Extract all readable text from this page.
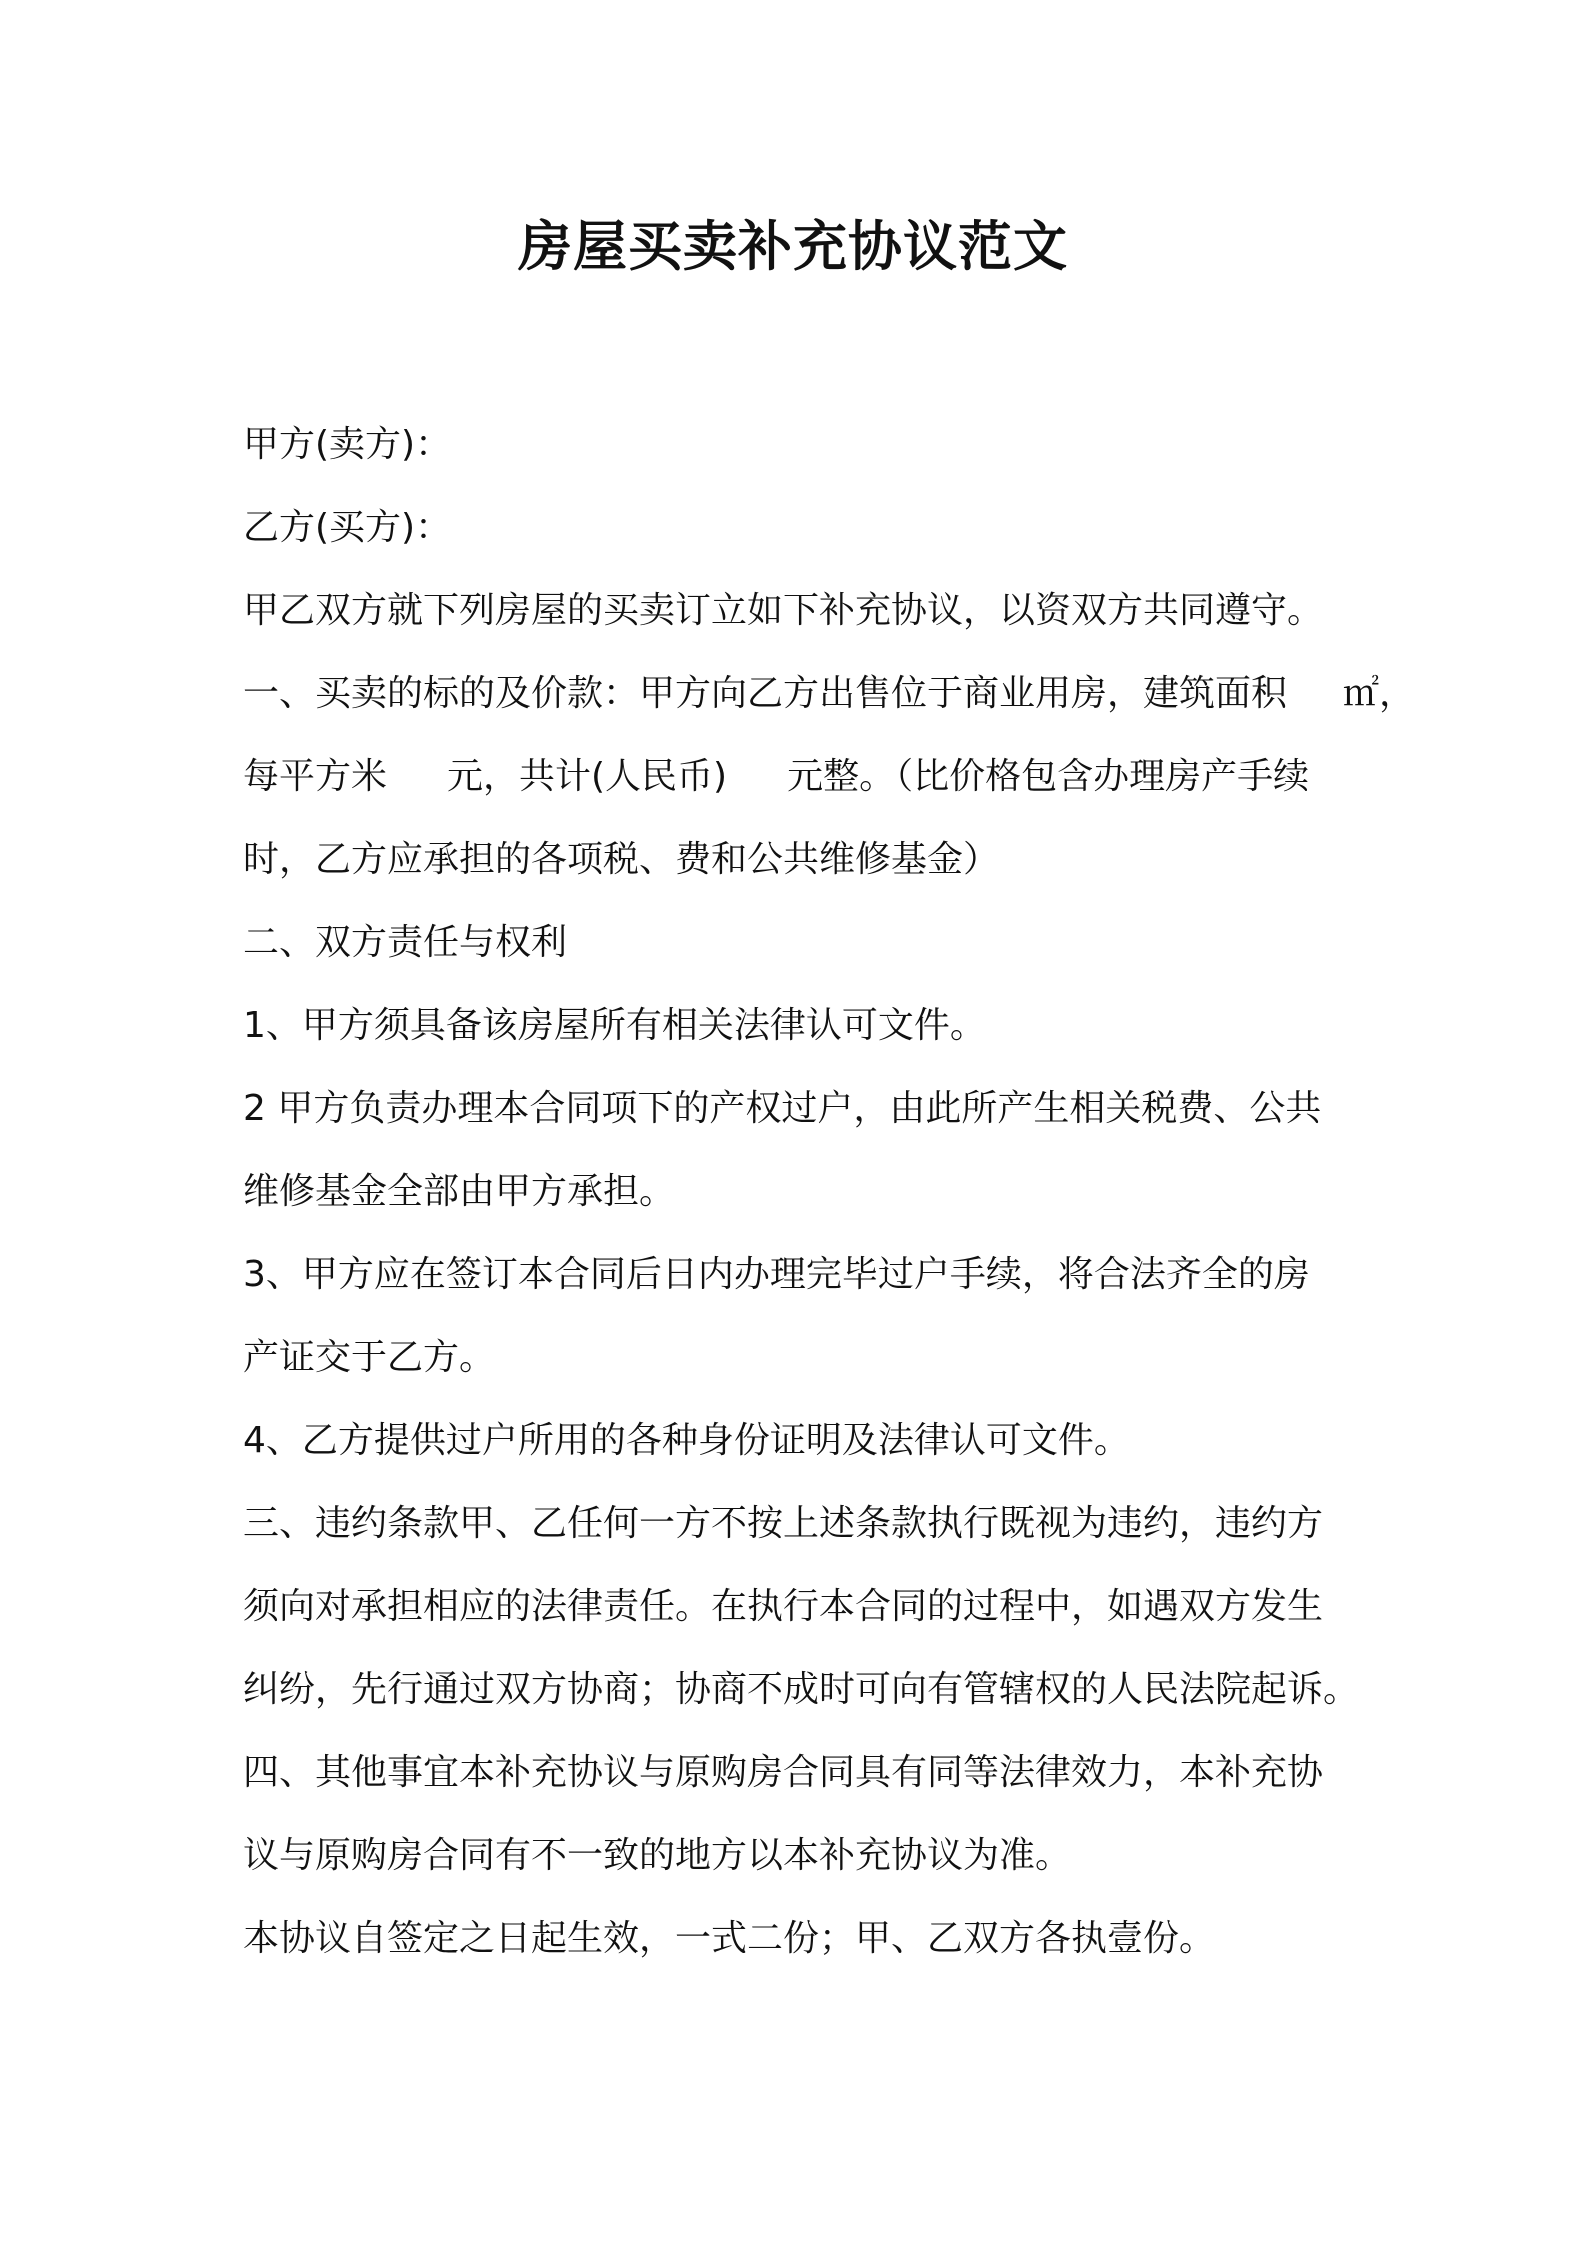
房屋买卖补充协议范文

甲方(卖方)：

乙方(买方)：

甲乙双方就下列房屋的买卖订立如下补充协议，以资双方共同遵守。

一、买卖的标的及价款：甲方向乙方出售位于商业用房，建筑面积 ㎡，

每平方米 元，共计(人民币) 元整。（比价格包含办理房产手续

时，乙方应承担的各项税、费和公共维修基金）

二、双方责任与权利

1、甲方须具备该房屋所有相关法律认可文件。

2 甲方负责办理本合同项下的产权过户，由此所产生相关税费、公共

维修基金全部由甲方承担。

3、甲方应在签订本合同后日内办理完毕过户手续，将合法齐全的房

产证交于乙方。

4、乙方提供过户所用的各种身份证明及法律认可文件。

三、违约条款甲、乙任何一方不按上述条款执行既视为违约，违约方

须向对承担相应的法律责任。在执行本合同的过程中，如遇双方发生

纠纷，先行通过双方协商；协商不成时可向有管辖权的人民法院起诉。

四、其他事宜本补充协议与原购房合同具有同等法律效力，本补充协

议与原购房合同有不一致的地方以本补充协议为准。

本协议自签定之日起生效，一式二份；甲、乙双方各执壹份。
